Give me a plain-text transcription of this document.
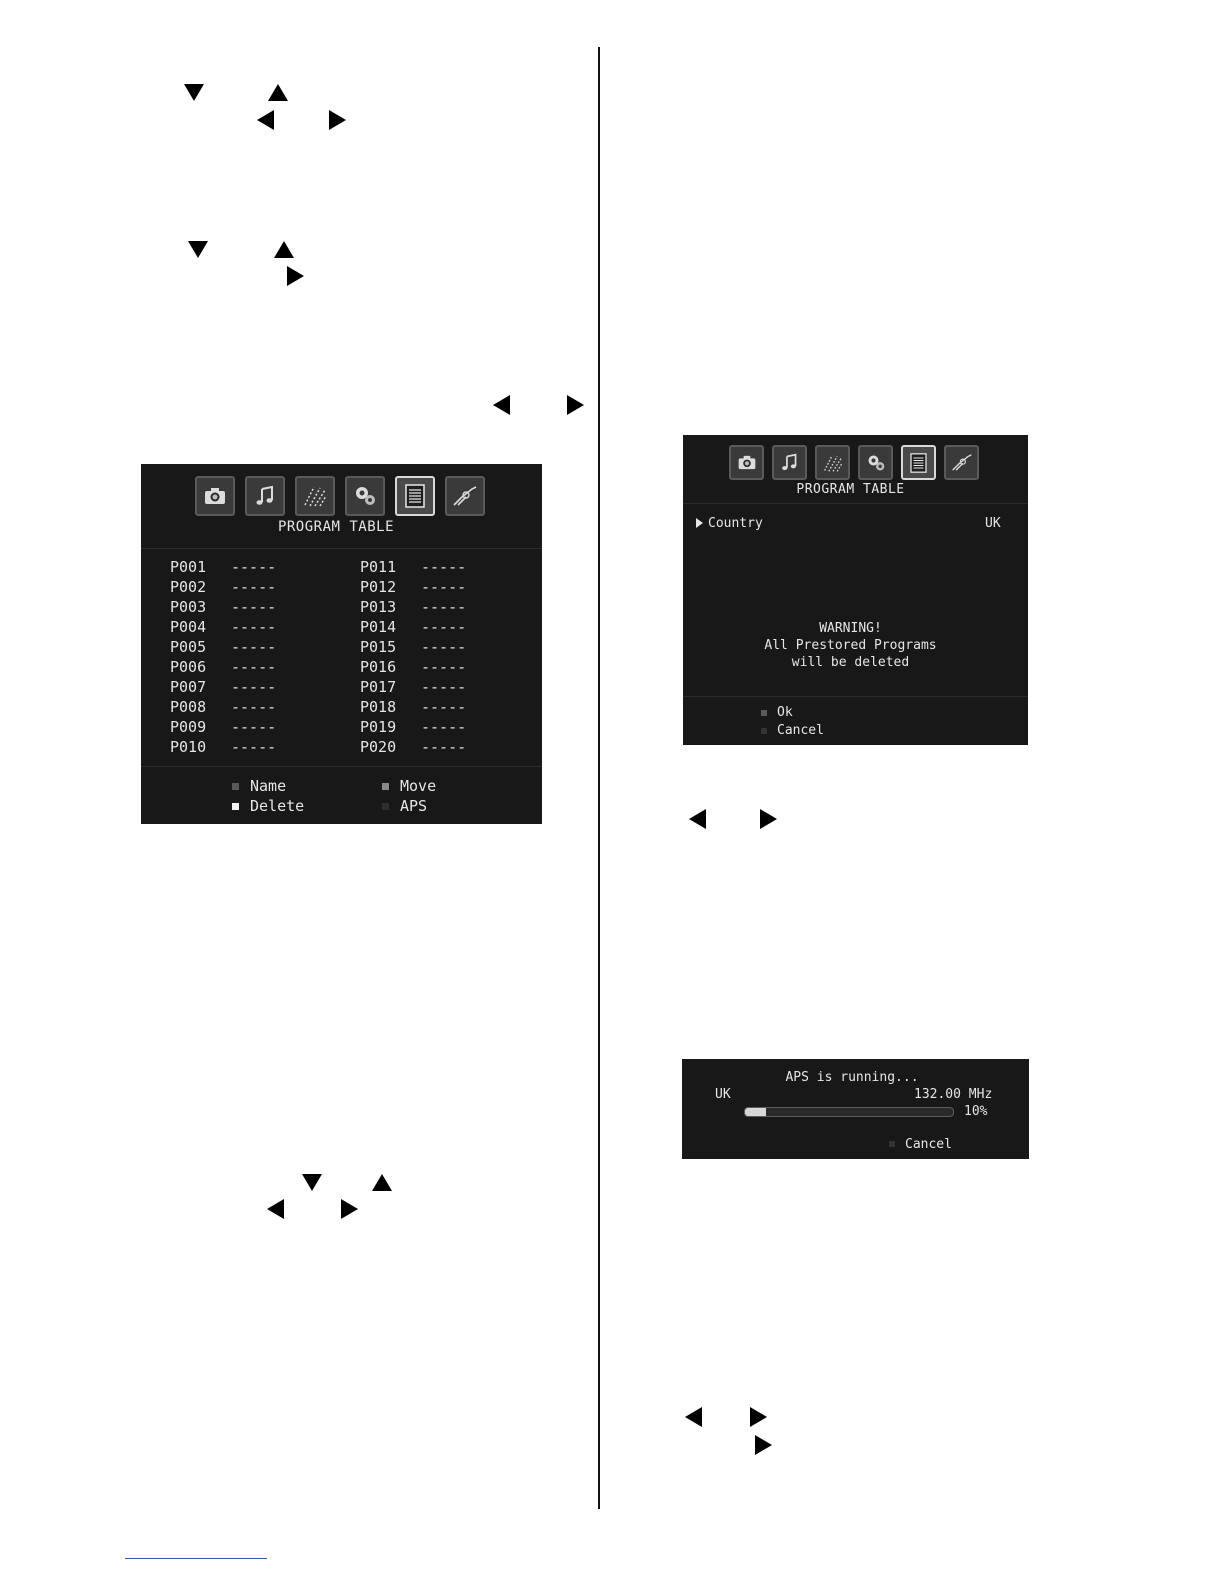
PROGRAM TABLE
P001 -----	P011 -----
P002 -----	P012 -----
P003 -----	P013 -----
P004 -----	P014 -----
P005 -----	P015 -----
P006 -----	P016 -----
P007 -----	P017 -----
P008 -----	P018 -----
P009 -----	P019 -----
P010 -----	P020 -----
Name
Delete
Move
APS
PROGRAM TABLE
Country	UK
WARNING!
All Prestored Programs
will be deleted
Ok
Cancel
APS is running...
UK	132.00 MHz
10%
Cancel
